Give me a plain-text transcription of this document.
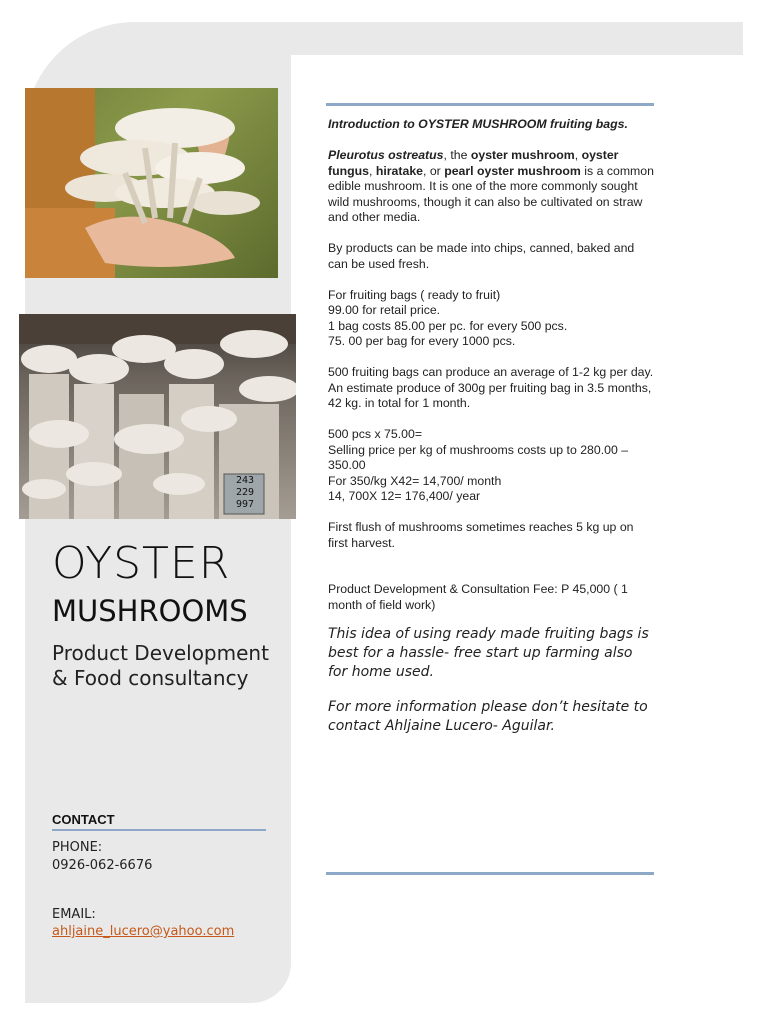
243
229
997
OYSTER
MUSHROOMS
Product Development & Food consultancy
CONTACT
PHONE:
0926-062-6676
EMAIL:
ahljaine_lucero@yahoo.com

Introduction to OYSTER MUSHROOM fruiting bags.

Pleurotus ostreatus, the oyster mushroom, oyster fungus, hiratake, or pearl oyster mushroom is a common edible mushroom. It is one of the more commonly sought wild mushrooms, though it can also be cultivated on straw and other media.

By products can be made into chips, canned, baked and can be used fresh.

For fruiting bags ( ready to fruit)
99.00 for retail price.
1 bag costs 85.00 per pc. for every 500 pcs.
75. 00 per bag for every 1000 pcs.

500 fruiting bags can produce an average of 1-2 kg per day. An estimate produce of 300g per fruiting bag in 3.5 months, 42 kg. in total for 1 month.

500 pcs x 75.00=
Selling price per kg of mushrooms costs up to 280.00 – 350.00
For 350/kg X42= 14,700/ month
14, 700X 12= 176,400/ year

First flush of mushrooms sometimes reaches 5 kg up on first harvest.

Product Development & Consultation Fee: P 45,000 ( 1 month of field work)

This idea of using ready made fruiting bags is best for a hassle- free start up farming also for home used.

For more information please don’t hesitate to contact Ahljaine Lucero- Aguilar.
